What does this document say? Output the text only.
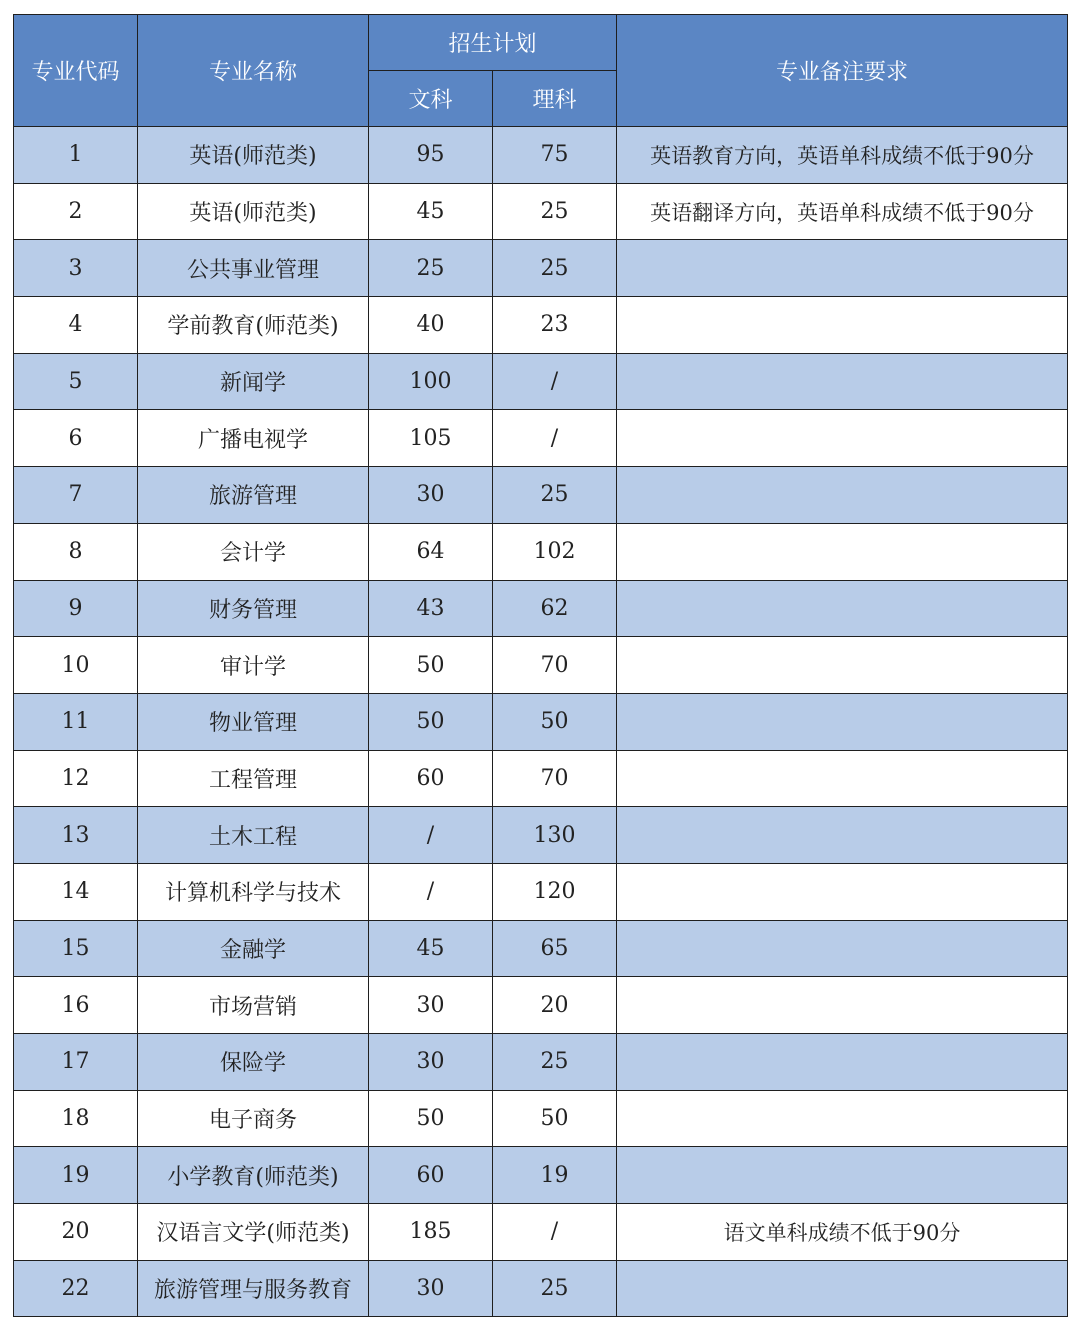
专业代码	专业名称	招生计划		专业备注要求
		文科	理科	
1	英语(师范类)	95	75	英语教育方向，英语单科成绩不低于90分
2	英语(师范类)	45	25	英语翻译方向，英语单科成绩不低于90分
3	公共事业管理	25	25	
4	学前教育(师范类)	40	23	
5	新闻学	100	/	
6	广播电视学	105	/	
7	旅游管理	30	25	
8	会计学	64	102	
9	财务管理	43	62	
10	审计学	50	70	
11	物业管理	50	50	
12	工程管理	60	70	
13	土木工程	/	130	
14	计算机科学与技术	/	120	
15	金融学	45	65	
16	市场营销	30	20	
17	保险学	30	25	
18	电子商务	50	50	
19	小学教育(师范类)	60	19	
20	汉语言文学(师范类)	185	/	语文单科成绩不低于90分
22	旅游管理与服务教育	30	25	
